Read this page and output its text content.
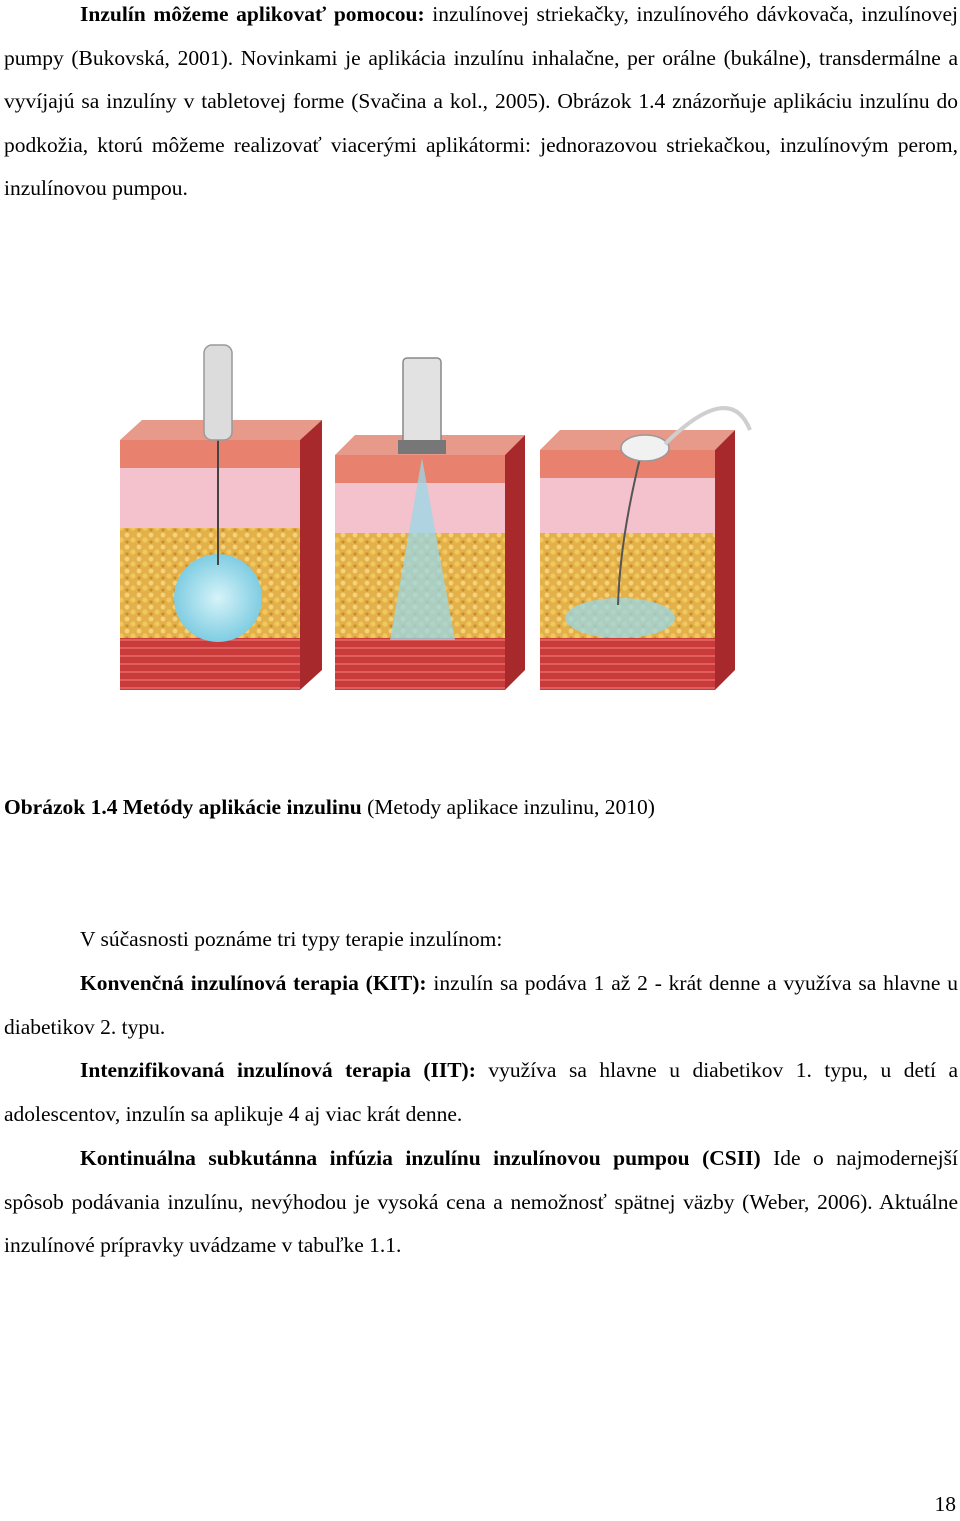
Inzulín môžeme aplikovať pomocou: inzulínovej striekačky, inzulínového dávkovača, inzulínovej pumpy (Bukovská, 2001). Novinkami je aplikácia inzulínu inhalačne, per orálne (bukálne), transdermálne a vyvíjajú sa inzulíny v tabletovej forme (Svačina a kol., 2005). Obrázok 1.4 znázorňuje aplikáciu inzulínu do podkožia, ktorú môžeme realizovať viacerými aplikátormi: jednorazovou striekačkou, inzulínovým perom, inzulínovou pumpou.

Obrázok 1.4 Metódy aplikácie inzulinu (Metody aplikace inzulinu, 2010)

V súčasnosti poznáme tri typy terapie inzulínom:

Konvenčná inzulínová terapia (KIT): inzulín sa podáva 1 až 2 - krát denne a využíva sa hlavne u diabetikov 2. typu.

Intenzifikovaná inzulínová terapia (IIT): využíva sa hlavne u diabetikov 1. typu, u detí a adolescentov, inzulín sa aplikuje 4 aj viac krát denne.

Kontinuálna subkutánna infúzia inzulínu inzulínovou pumpou (CSII) Ide o najmodernejší spôsob podávania inzulínu, nevýhodou je vysoká cena a nemožnosť spätnej väzby (Weber, 2006). Aktuálne inzulínové prípravky uvádzame v tabuľke 1.1.

18
